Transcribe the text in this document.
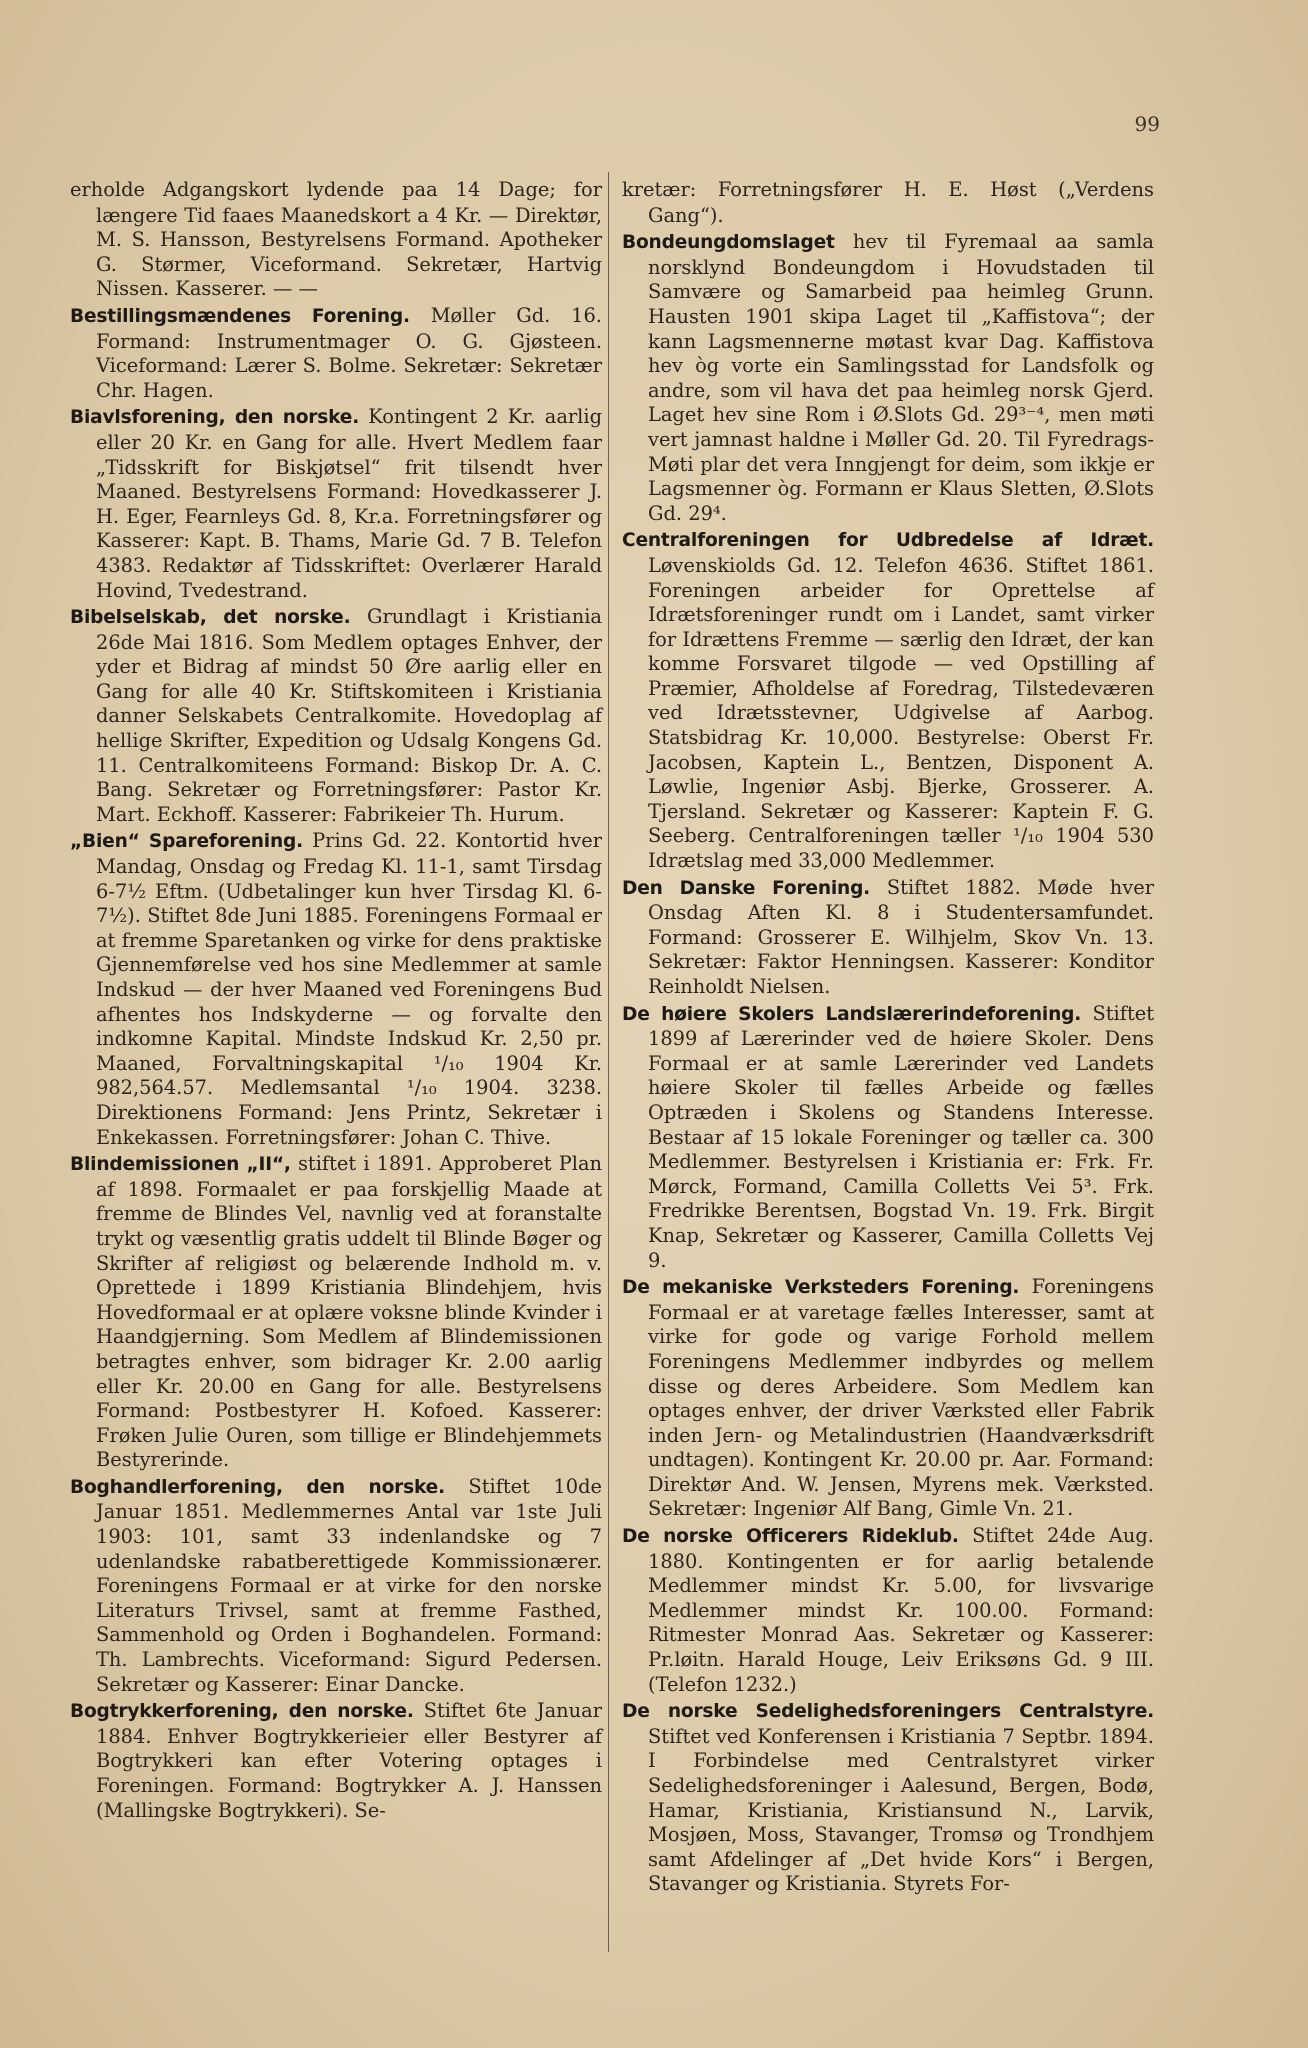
99

erholde Adgangskort lydende paa 14 Dage; for længere Tid faaes Maanedskort a 4 Kr. — Direktør, M. S. Hansson, Bestyrelsens Formand. Apotheker G. Størmer, Viceformand. Sekretær, Hartvig Nissen. Kasserer. — —

Bestillingsmændenes Forening. Møller Gd. 16. Formand: Instrumentmager O. G. Gjøsteen. Viceformand: Lærer S. Bolme. Sekretær: Sekretær Chr. Hagen.

Biavlsforening, den norske. Kontingent 2 Kr. aarlig eller 20 Kr. en Gang for alle. Hvert Medlem faar „Tidsskrift for Biskjøtsel“ frit tilsendt hver Maaned. Bestyrelsens Formand: Hovedkasserer J. H. Eger, Fearnleys Gd. 8, Kr.a. Forretningsfører og Kasserer: Kapt. B. Thams, Marie Gd. 7 B. Telefon 4383. Redaktør af Tidsskriftet: Overlærer Harald Hovind, Tvedestrand.

Bibelselskab, det norske. Grundlagt i Kristiania 26de Mai 1816. Som Medlem optages Enhver, der yder et Bidrag af mindst 50 Øre aarlig eller en Gang for alle 40 Kr. Stiftskomiteen i Kristiania danner Selskabets Centralkomite. Hovedoplag af hellige Skrifter, Expedition og Udsalg Kongens Gd. 11. Centralkomiteens Formand: Biskop Dr. A. C. Bang. Sekretær og Forretningsfører: Pastor Kr. Mart. Eckhoff. Kasserer: Fabrikeier Th. Hurum.

„Bien“ Spareforening. Prins Gd. 22. Kontortid hver Mandag, Onsdag og Fredag Kl. 11-1, samt Tirsdag 6-7½ Eftm. (Udbetalinger kun hver Tirsdag Kl. 6-7½). Stiftet 8de Juni 1885. Foreningens Formaal er at fremme Sparetanken og virke for dens praktiske Gjennemførelse ved hos sine Medlemmer at samle Indskud — der hver Maaned ved Foreningens Bud afhentes hos Indskyderne — og forvalte den indkomne Kapital. Mindste Indskud Kr. 2,50 pr. Maaned, Forvaltningskapital ¹/₁₀ 1904 Kr. 982,564.57. Medlemsantal ¹/₁₀ 1904. 3238. Direktionens Formand: Jens Printz, Sekretær i Enkekassen. Forretningsfører: Johan C. Thive.

Blindemissionen „II“, stiftet i 1891. Approberet Plan af 1898. Formaalet er paa forskjellig Maade at fremme de Blindes Vel, navnlig ved at foranstalte trykt og væsentlig gratis uddelt til Blinde Bøger og Skrifter af religiøst og belærende Indhold m. v. Oprettede i 1899 Kristiania Blindehjem, hvis Hovedformaal er at oplære voksne blinde Kvinder i Haandgjerning. Som Medlem af Blindemissionen betragtes enhver, som bidrager Kr. 2.00 aarlig eller Kr. 20.00 en Gang for alle. Bestyrelsens Formand: Postbestyrer H. Kofoed. Kasserer: Frøken Julie Ouren, som tillige er Blindehjemmets Bestyrerinde.

Boghandlerforening, den norske. Stiftet 10de Januar 1851. Medlemmernes Antal var 1ste Juli 1903: 101, samt 33 indenlandske og 7 udenlandske rabatberettigede Kommissionærer. Foreningens Formaal er at virke for den norske Literaturs Trivsel, samt at fremme Fasthed, Sammenhold og Orden i Boghandelen. Formand: Th. Lambrechts. Viceformand: Sigurd Pedersen. Sekretær og Kasserer: Einar Dancke.

Bogtrykkerforening, den norske. Stiftet 6te Januar 1884. Enhver Bogtrykkerieier eller Bestyrer af Bogtrykkeri kan efter Votering optages i Foreningen. Formand: Bogtrykker A. J. Hanssen (Mallingske Bogtrykkeri). Se-

kretær: Forretningsfører H. E. Høst („Verdens Gang“).

Bondeungdomslaget hev til Fyremaal aa samla norsklynd Bondeungdom i Hovudstaden til Samvære og Samarbeid paa heimleg Grunn. Hausten 1901 skipa Laget til „Kaffistova“; der kann Lagsmennerne møtast kvar Dag. Kaffistova hev òg vorte ein Samlingsstad for Landsfolk og andre, som vil hava det paa heimleg norsk Gjerd. Laget hev sine Rom i Ø.Slots Gd. 29³⁻⁴, men møti vert jamnast haldne i Møller Gd. 20. Til Fyredrags-Møti plar det vera Inngjengt for deim, som ikkje er Lagsmenner òg. Formann er Klaus Sletten, Ø.Slots Gd. 29⁴.

Centralforeningen for Udbredelse af Idræt. Løvenskiolds Gd. 12. Telefon 4636. Stiftet 1861. Foreningen arbeider for Oprettelse af Idrætsforeninger rundt om i Landet, samt virker for Idrættens Fremme — særlig den Idræt, der kan komme Forsvaret tilgode — ved Opstilling af Præmier, Afholdelse af Foredrag, Tilstedeværen ved Idrætsstevner, Udgivelse af Aarbog. Statsbidrag Kr. 10,000. Bestyrelse: Oberst Fr. Jacobsen, Kaptein L., Bentzen, Disponent A. Løwlie, Ingeniør Asbj. Bjerke, Grosserer. A. Tjersland. Sekretær og Kasserer: Kaptein F. G. Seeberg. Centralforeningen tæller ¹/₁₀ 1904 530 Idrætslag med 33,000 Medlemmer.

Den Danske Forening. Stiftet 1882. Møde hver Onsdag Aften Kl. 8 i Studentersamfundet. Formand: Grosserer E. Wilhjelm, Skov Vn. 13. Sekretær: Faktor Henningsen. Kasserer: Konditor Reinholdt Nielsen.

De høiere Skolers Landslærerindeforening. Stiftet 1899 af Lærerinder ved de høiere Skoler. Dens Formaal er at samle Lærerinder ved Landets høiere Skoler til fælles Arbeide og fælles Optræden i Skolens og Standens Interesse. Bestaar af 15 lokale Foreninger og tæller ca. 300 Medlemmer. Bestyrelsen i Kristiania er: Frk. Fr. Mørck, Formand, Camilla Colletts Vei 5³. Frk. Fredrikke Berentsen, Bogstad Vn. 19. Frk. Birgit Knap, Sekretær og Kasserer, Camilla Colletts Vej 9.

De mekaniske Verksteders Forening. Foreningens Formaal er at varetage fælles Interesser, samt at virke for gode og varige Forhold mellem Foreningens Medlemmer indbyrdes og mellem disse og deres Arbeidere. Som Medlem kan optages enhver, der driver Værksted eller Fabrik inden Jern- og Metalindustrien (Haandværksdrift undtagen). Kontingent Kr. 20.00 pr. Aar. Formand: Direktør And. W. Jensen, Myrens mek. Værksted. Sekretær: Ingeniør Alf Bang, Gimle Vn. 21.

De norske Officerers Rideklub. Stiftet 24de Aug. 1880. Kontingenten er for aarlig betalende Medlemmer mindst Kr. 5.00, for livsvarige Medlemmer mindst Kr. 100.00. Formand: Ritmester Monrad Aas. Sekretær og Kasserer: Pr.løitn. Harald Houge, Leiv Eriksøns Gd. 9 III. (Telefon 1232.)

De norske Sedelighedsforeningers Centralstyre. Stiftet ved Konferensen i Kristiania 7 Septbr. 1894. I Forbindelse med Centralstyret virker Sedelighedsforeninger i Aalesund, Bergen, Bodø, Hamar, Kristiania, Kristiansund N., Larvik, Mosjøen, Moss, Stavanger, Tromsø og Trondhjem samt Afdelinger af „Det hvide Kors“ i Bergen, Stavanger og Kristiania. Styrets For-
